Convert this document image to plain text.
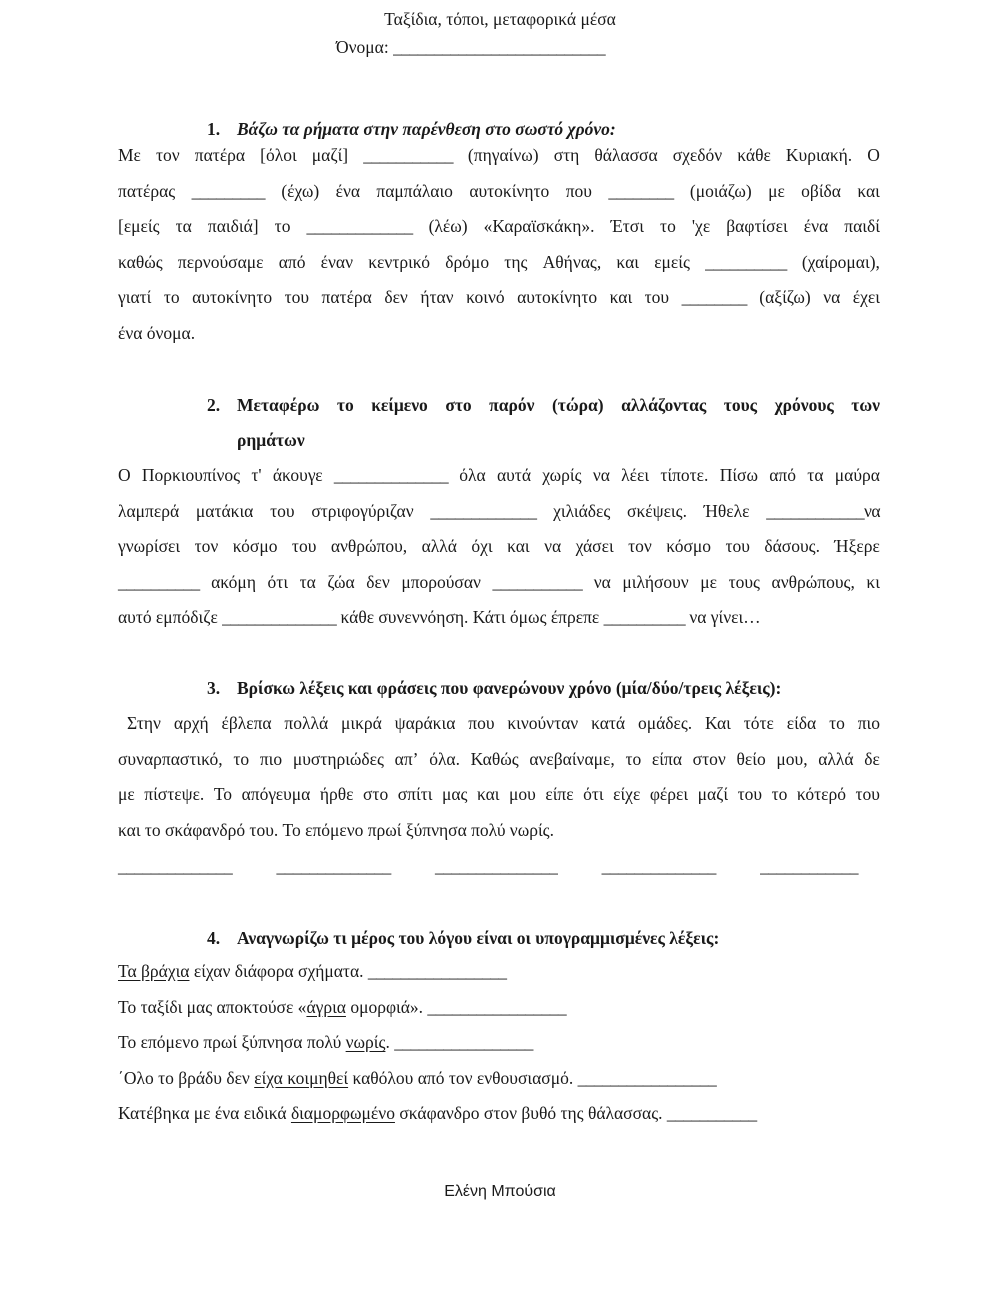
Ταξίδια, τόποι, μεταφορικά μέσα
Όνομα: __________________________
1. Βάζω τα ρήματα στην παρένθεση στο σωστό χρόνο:
Με τον πατέρα [όλοι μαζί] ___________ (πηγαίνω) στη θάλασσα σχεδόν κάθε Κυριακή. Ο
πατέρας _________ (έχω) ένα παμπάλαιο αυτοκίνητο που ________ (μοιάζω) με οβίδα και
[εμείς τα παιδιά] το _____________ (λέω) «Καραϊσκάκη». Έτσι το 'χε βαφτίσει ένα παιδί
καθώς περνούσαμε από έναν κεντρικό δρόμο της Αθήνας, και εμείς __________ (χαίρομαι),
γιατί το αυτοκίνητο του πατέρα δεν ήταν κοινό αυτοκίνητο και του ________ (αξίζω) να έχει
ένα όνομα.
2. Μεταφέρω το κείμενο στο παρόν (τώρα) αλλάζοντας τους χρόνους των
ρημάτων
Ο Πορκιουπίνος τ' άκουγε ______________ όλα αυτά χωρίς να λέει τίποτε. Πίσω από τα μαύρα
λαμπερά ματάκια του στριφογύριζαν _____________ χιλιάδες σκέψεις. Ήθελε ____________να
γνωρίσει τον κόσμο του ανθρώπου, αλλά όχι και να χάσει τον κόσμο του δάσους. Ήξερε
__________ ακόμη ότι τα ζώα δεν μπορούσαν ___________ να μιλήσουν με τους ανθρώπους, κι
αυτό εμπόδιζε ______________ κάθε συνεννόηση. Κάτι όμως έπρεπε __________ να γίνει…
3. Βρίσκω λέξεις και φράσεις που φανερώνουν χρόνο (μία/δύο/τρεις λέξεις):
Στην αρχή έβλεπα πολλά μικρά ψαράκια που κινούνταν κατά ομάδες. Και τότε είδα το πιο
συναρπαστικό, το πιο μυστηριώδες απ’ όλα. Καθώς ανεβαίναμε, το είπα στον θείο μου, αλλά δε
με πίστεψε. Το απόγευμα ήρθε στο σπίτι μας και μου είπε ότι είχε φέρει μαζί του το κότερό του
και το σκάφανδρό του. Το επόμενο πρωί ξύπνησα πολύ νωρίς.
______________	______________	_______________	______________	____________
4. Αναγνωρίζω τι μέρος του λόγου είναι οι υπογραμμισμένες λέξεις:
Τα βράχια είχαν διάφορα σχήματα. _________________
Το ταξίδι μας αποκτούσε «άγρια ομορφιά». _________________
Το επόμενο πρωί ξύπνησα πολύ νωρίς. _________________
΄Ολο το βράδυ δεν είχα κοιμηθεί καθόλου από τον ενθουσιασμό. _________________
Κατέβηκα με ένα ειδικά διαμορφωμένο σκάφανδρο στον βυθό της θάλασσας. ___________
Ελένη Μπούσια
